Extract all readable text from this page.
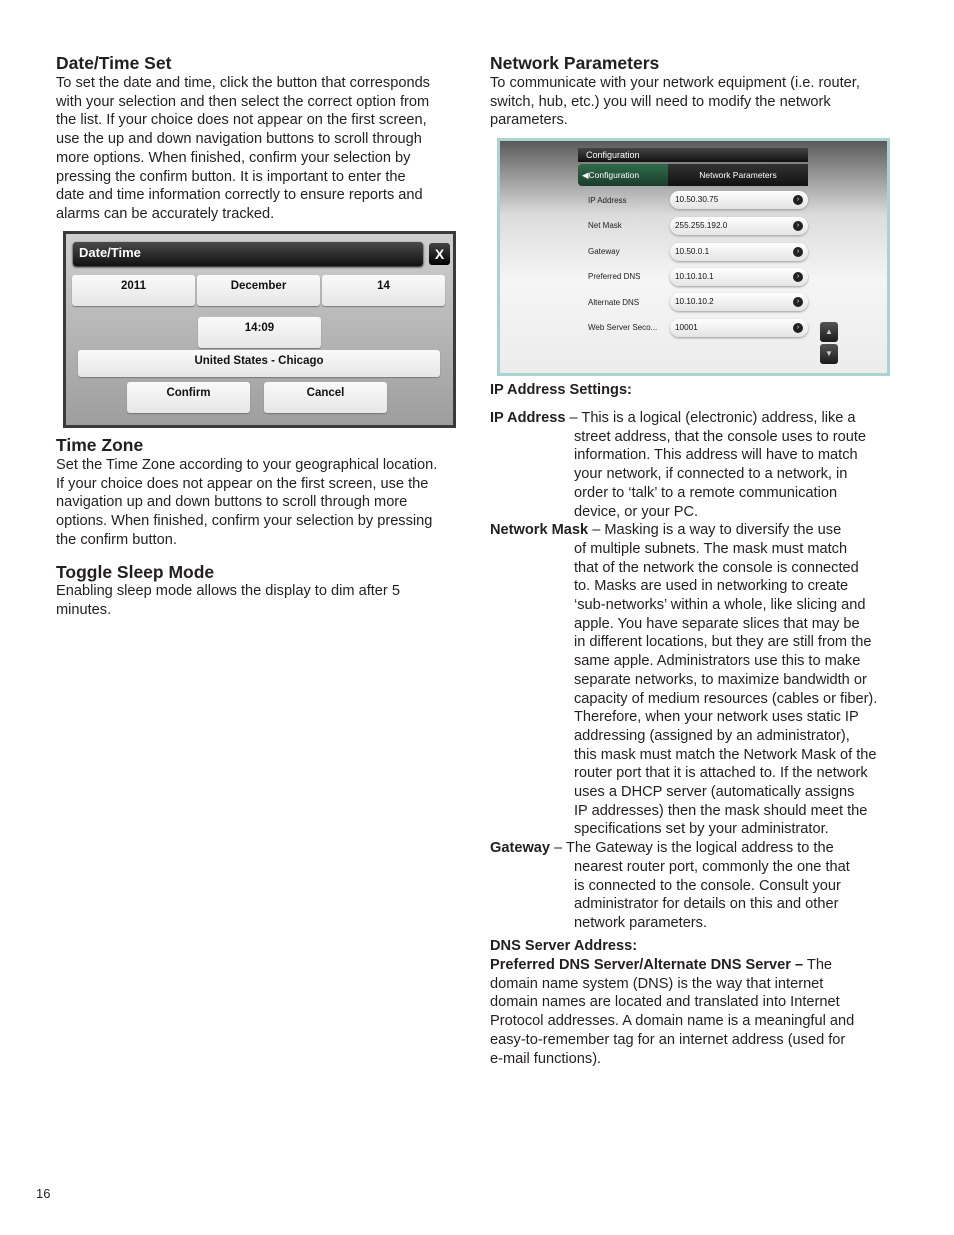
Date/Time Set
To set the date and time, click the button that corresponds
with your selection and then select the correct option from
the list. If your choice does not appear on the first screen,
use the up and down navigation buttons to scroll through
more options. When finished, confirm your selection by
pressing the confirm button. It is important to enter the
date and time information correctly to ensure reports and
alarms can be accurately tracked.
Date/Time	X
2011	December	14
14:09
United States - Chicago
Confirm	Cancel
Time Zone
Set the Time Zone according to your geographical location.
If your choice does not appear on the first screen, use the
navigation up and down buttons to scroll through more
options. When finished, confirm your selection by pressing
the confirm button.
Toggle Sleep Mode
Enabling sleep mode allows the display to dim after 5
minutes.
Network Parameters
To communicate with your network equipment (i.e. router,
switch, hub, etc.) you will need to modify the network
parameters.
Configuration
◀Configuration	Network Parameters
IP Address	10.50.30.75	›
Net Mask	255.255.192.0	›
Gateway	10.50.0.1	›
Preferred DNS	10.10.10.1	›
Alternate DNS	10.10.10.2	›
Web Server Seco...	10001	›	▲
▼
IP Address Settings:
IP Address – This is a logical (electronic) address, like a
street address, that the console uses to route
information. This address will have to match
your network, if connected to a network, in
order to ‘talk’ to a remote communication
device, or your PC.
Network Mask – Masking is a way to diversify the use
of multiple subnets. The mask must match
that of the network the console is connected
to. Masks are used in networking to create
‘sub-networks’ within a whole, like slicing and
apple. You have separate slices that may be
in different locations, but they are still from the
same apple. Administrators use this to make
separate networks, to maximize bandwidth or
capacity of medium resources (cables or fiber).
Therefore, when your network uses static IP
addressing (assigned by an administrator),
this mask must match the Network Mask of the
router port that it is attached to. If the network
uses a DHCP server (automatically assigns
IP addresses) then the mask should meet the
specifications set by your administrator.
Gateway – The Gateway is the logical address to the
nearest router port, commonly the one that
is connected to the console. Consult your
administrator for details on this and other
network parameters.
DNS Server Address:
Preferred DNS Server/Alternate DNS Server – The
domain name system (DNS) is the way that internet
domain names are located and translated into Internet
Protocol addresses. A domain name is a meaningful and
easy-to-remember tag for an internet address (used for
e-mail functions).
16
